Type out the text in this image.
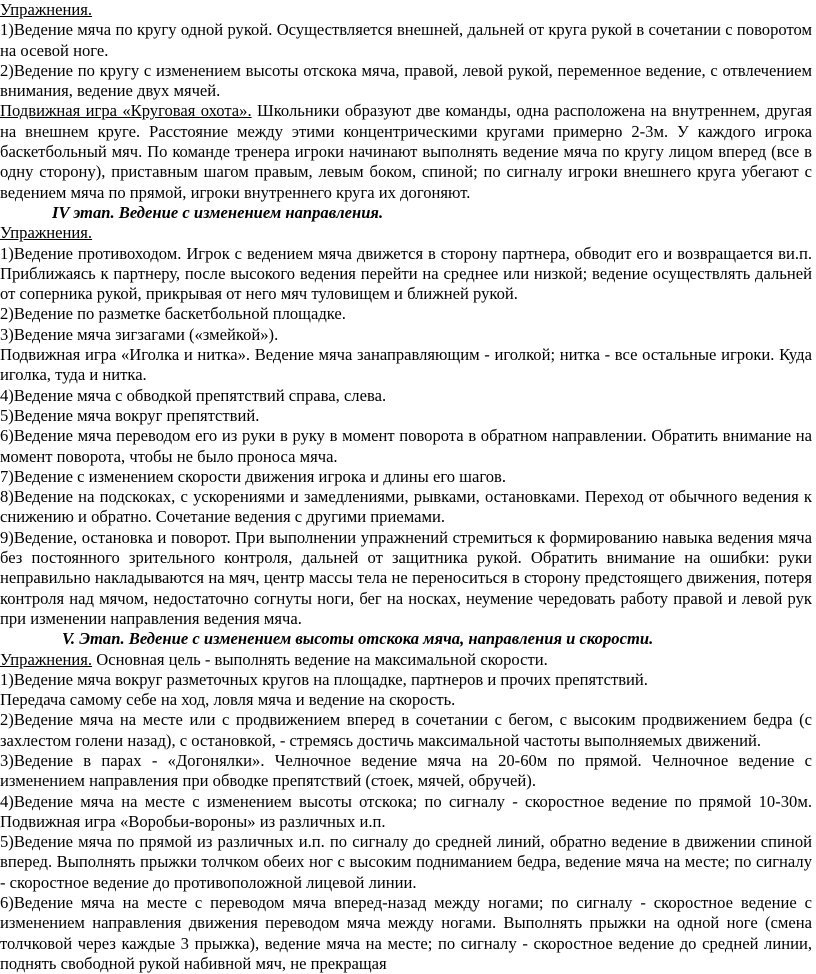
Упражнения.

1)Ведение мяча по кругу одной рукой. Осуществляется внешней, дальней от круга рукой в сочетании с поворотом на осевой ноге.

2)Ведение по кругу с изменением высоты отскока мяча, правой, левой рукой, переменное ведение, с отвлечением внимания, ведение двух мячей.

Подвижная игра «Круговая охота». Школьники образуют две команды, одна расположена на внутреннем, другая на внешнем круге. Расстояние между этими концентрическими кругами примерно 2-3м. У каждого игрока баскетбольный мяч. По команде тренера игроки начинают выполнять ведение мяча по кругу лицом вперед (все в одну сторону), приставным шагом правым, левым боком, спиной; по сигналу игроки внешнего круга убегают с ведением мяча по прямой, игроки внутреннего круга их догоняют.

IV этап. Ведение с изменением направления.

Упражнения.

1)Ведение противоходом. Игрок с ведением мяча движется в сторону партнера, обводит его и возвращается ви.п. Приближаясь к партнеру, после высокого ведения перейти на среднее или низкой; ведение осуществлять дальней от соперника рукой, прикрывая от него мяч туловищем и ближней рукой.

2)Ведение по разметке баскетбольной площадке.

3)Ведение мяча зигзагами («змейкой»).

Подвижная игра «Иголка и нитка». Ведение мяча занаправляющим - иголкой; нитка - все остальные игроки. Куда иголка, туда и нитка.

4)Ведение мяча с обводкой препятствий справа, слева.

5)Ведение мяча вокруг препятствий.

6)Ведение мяча переводом его из руки в руку в момент поворота в обратном направлении. Обратить внимание на момент поворота, чтобы не было проноса мяча.

7)Ведение с изменением скорости движения игрока и длины его шагов.

8)Ведение на подскоках, с ускорениями и замедлениями, рывками, остановками. Переход от обычного ведения к снижению и обратно. Сочетание ведения с другими приемами.

9)Ведение, остановка и поворот. При выполнении упражнений стремиться к формированию навыка ведения мяча без постоянного зрительного контроля, дальней от защитника рукой. Обратить внимание на ошибки: руки неправильно накладываются на мяч, центр массы тела не переноситься в сторону предстоящего движения, потеря контроля над мячом, недостаточно согнуты ноги, бег на носках, неумение чередовать работу правой и левой рук при изменении направления ведения мяча.

V. Этап. Ведение с изменением высоты отскока мяча, направления и скорости.

Упражнения. Основная цель - выполнять ведение на максимальной скорости.

1)Ведение мяча вокруг разметочных кругов на площадке, партнеров и прочих препятствий.

Передача самому себе на ход, ловля мяча и ведение на скорость.

2)Ведение мяча на месте или с продвижением вперед в сочетании с бегом, с высоким продвижением бедра (с захлестом голени назад), с остановкой, - стремясь достичь максимальной частоты выполняемых движений.

3)Ведение в парах - «Догонялки». Челночное ведение мяча на 20-60м по прямой. Челночное ведение с изменением направления при обводке препятствий (стоек, мячей, обручей).

4)Ведение мяча на месте с изменением высоты отскока; по сигналу - скоростное ведение по прямой 10-30м. Подвижная игра «Воробьи-вороны» из различных и.п.

5)Ведение мяча по прямой из различных и.п. по сигналу до средней линий, обратно ведение в движении спиной вперед. Выполнять прыжки толчком обеих ног с высоким подниманием бедра, ведение мяча на месте; по сигналу - скоростное ведение до противоположной лицевой линии.

6)Ведение мяча на месте с переводом мяча вперед-назад между ногами; по сигналу - скоростное ведение с изменением направления движения переводом мяча между ногами. Выполнять прыжки на одной ноге (смена толчковой через каждые 3 прыжка), ведение мяча на месте; по сигналу - скоростное ведение до средней линии, поднять свободной рукой набивной мяч, не прекращая
